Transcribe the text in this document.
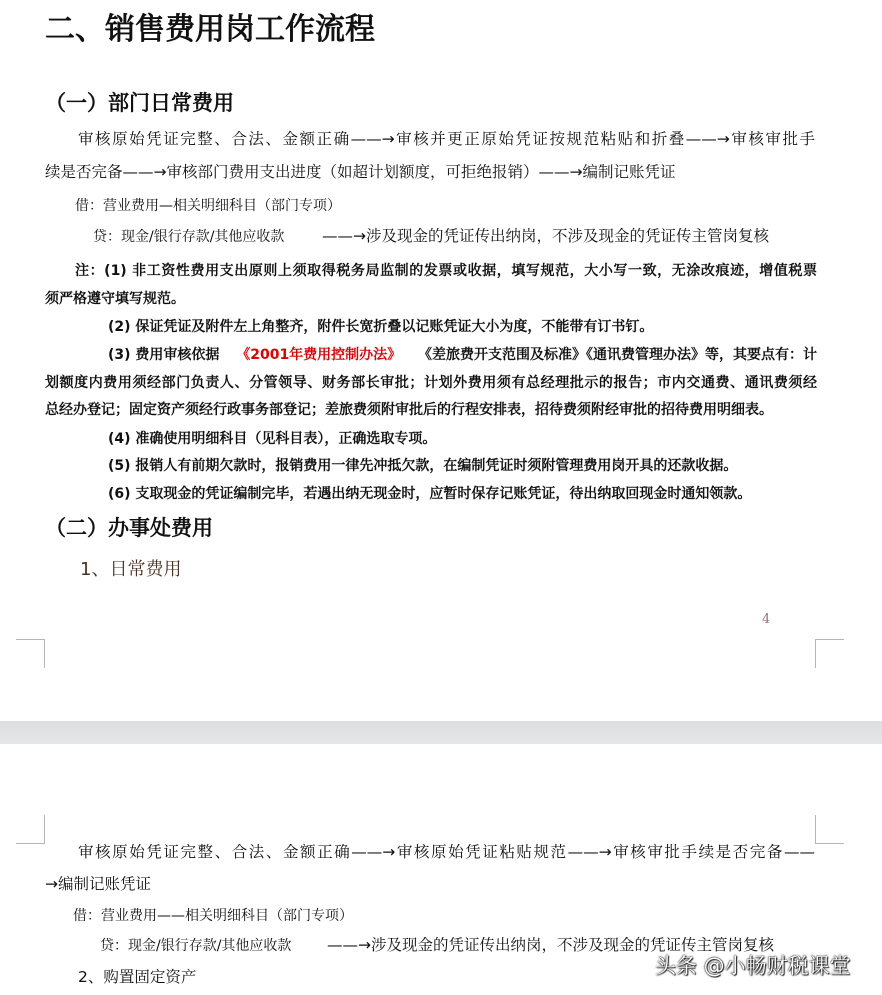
二、销售费用岗工作流程
（一）部门日常费用
审核原始凭证完整、合法、金额正确——→审核并更正原始凭证按规范粘贴和折叠——→审核审批手
续是否完备——→审核部门费用支出进度（如超计划额度，可拒绝报销）——→编制记账凭证
借：营业费用—相关明细科目（部门专项）
贷：现金/银行存款/其他应收款 ——→涉及现金的凭证传出纳岗，不涉及现金的凭证传主管岗复核
注：(1) 非工资性费用支出原则上须取得税务局监制的发票或收据，填写规范，大小写一致，无涂改痕迹，增值税票
须严格遵守填写规范。
(2) 保证凭证及附件左上角整齐，附件长宽折叠以记账凭证大小为度，不能带有订书钉。
(3) 费用审核依据 《2001年费用控制办法》 《差旅费开支范围及标准》《通讯费管理办法》等，其要点有：计
划额度内费用须经部门负责人、分管领导、财务部长审批；计划外费用须有总经理批示的报告；市内交通费、通讯费须经
总经办登记；固定资产须经行政事务部登记；差旅费须附审批后的行程安排表，招待费须附经审批的招待费用明细表。
(4) 准确使用明细科目（见科目表），正确选取专项。
(5) 报销人有前期欠款时，报销费用一律先冲抵欠款，在编制凭证时须附管理费用岗开具的还款收据。
(6) 支取现金的凭证编制完毕，若遇出纳无现金时，应暂时保存记账凭证，待出纳取回现金时通知领款。
（二）办事处费用
1、日常费用
4
审核原始凭证完整、合法、金额正确——→审核原始凭证粘贴规范——→审核审批手续是否完备——
→编制记账凭证
借：营业费用——相关明细科目（部门专项）
贷：现金/银行存款/其他应收款 ——→涉及现金的凭证传出纳岗，不涉及现金的凭证传主管岗复核
2、购置固定资产	头条 @小畅财税课堂
